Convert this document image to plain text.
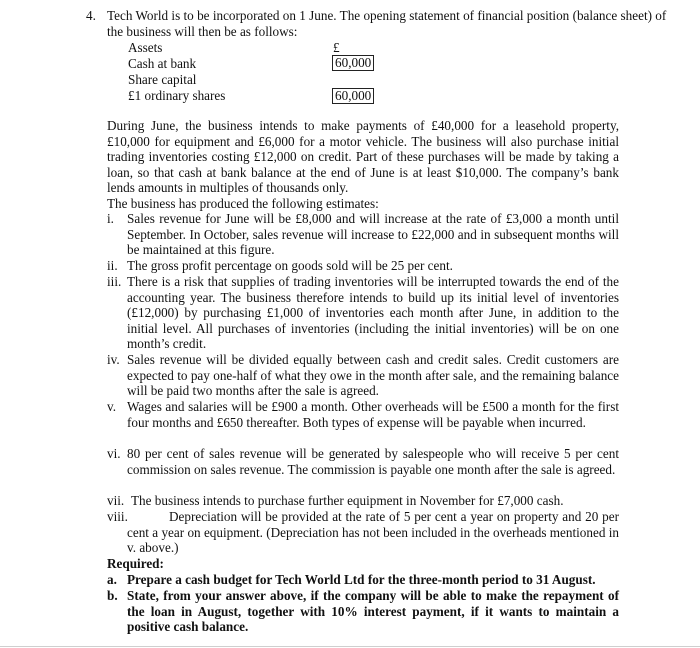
4. Tech World is to be incorporated on 1 June. The opening statement of financial position (balance sheet) of the business will then be as follows:
Assets	£
Cash at bank	60,000
Share capital
£1 ordinary shares	60,000
During June, the business intends to make payments of £40,000 for a leasehold property, £10,000 for equipment and £6,000 for a motor vehicle. The business will also purchase initial trading inventories costing £12,000 on credit. Part of these purchases will be made by taking a loan, so that cash at bank balance at the end of June is at least $10,000. The company’s bank lends amounts in multiples of thousands only.
The business has produced the following estimates:
i. Sales revenue for June will be £8,000 and will increase at the rate of £3,000 a month until September. In October, sales revenue will increase to £22,000 and in subsequent months will be maintained at this figure.
ii. The gross profit percentage on goods sold will be 25 per cent.
iii. There is a risk that supplies of trading inventories will be interrupted towards the end of the accounting year. The business therefore intends to build up its initial level of inventories (£12,000) by purchasing £1,000 of inventories each month after June, in addition to the initial level. All purchases of inventories (including the initial inventories) will be on one month’s credit.
iv. Sales revenue will be divided equally between cash and credit sales. Credit customers are expected to pay one-half of what they owe in the month after sale, and the remaining balance will be paid two months after the sale is agreed.
v. Wages and salaries will be £900 a month. Other overheads will be £500 a month for the first four months and £650 thereafter. Both types of expense will be payable when incurred.
vi. 80 per cent of sales revenue will be generated by salespeople who will receive 5 per cent commission on sales revenue. The commission is payable one month after the sale is agreed.
vii. The business intends to purchase further equipment in November for £7,000 cash.
viii.	Depreciation will be provided at the rate of 5 per cent a year on property and 20 per cent a year on equipment. (Depreciation has not been included in the overheads mentioned in v. above.)
Required:
a. Prepare a cash budget for Tech World Ltd for the three-month period to 31 August.
b. State, from your answer above, if the company will be able to make the repayment of the loan in August, together with 10% interest payment, if it wants to maintain a positive cash balance.
